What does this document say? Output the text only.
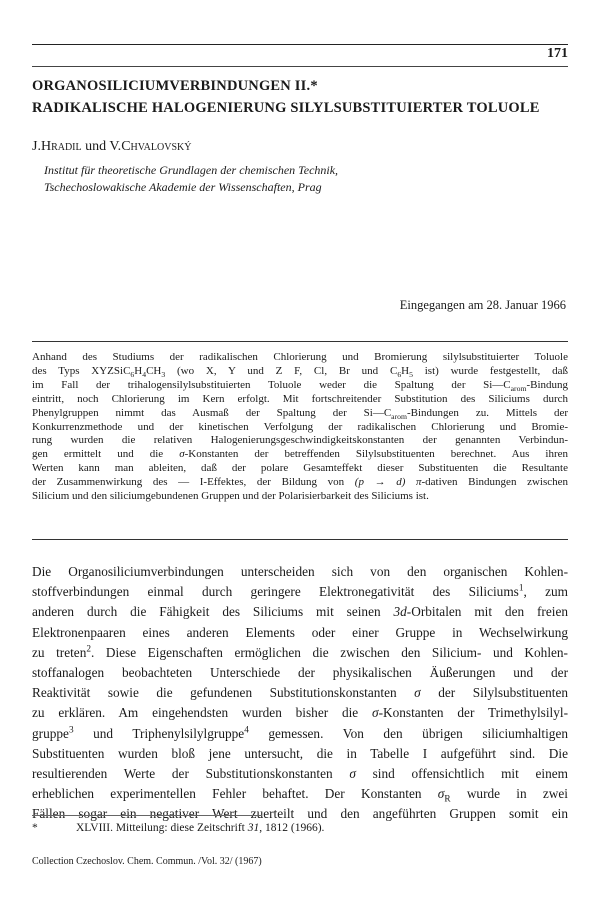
171
ORGANOSILICIUMVERBINDUNGEN II.*
RADIKALISCHE HALOGENIERUNG SILYLSUBSTITUIERTER TOLUOLE
J.Hradil und V.Chvalovský
Institut für theoretische Grundlagen der chemischen Technik,
Tschechoslowakische Akademie der Wissenschaften, Prag
Eingegangen am 28. Januar 1966
Anhand des Studiums der radikalischen Chlorierung und Bromierung silylsubstituierter Toluole
des Typs $XYZSiC_6H_4CH_3$ (wo X, Y und Z F, Cl, Br und $C_6H_5$ ist) wurde festgestellt, daß
im Fall der trihalogensilylsubstituierten Toluole weder die Spaltung der $Si—C_{arom}$-Bindung
eintritt, noch Chlorierung im Kern erfolgt. Mit fortschreitender Substitution des Siliciums durch
Phenylgruppen nimmt das Ausmaß der Spaltung der $Si—C_{arom}$-Bindungen zu. Mittels der
Konkurrenzmethode und der kinetischen Verfolgung der radikalischen Chlorierung und Bromie-
rung wurden die relativen Halogenierungsgeschwindigkeitskonstanten der genannten Verbindun-
gen ermittelt und die σ-Konstanten der betreffenden Silylsubstituenten berechnet. Aus ihren
Werten kann man ableiten, daß der polare Gesamteffekt dieser Substituenten die Resultante
der Zusammenwirkung des — I-Effektes, der Bildung von (p → d) π-dativen Bindungen zwischen
Silicium und den siliciumgebundenen Gruppen und der Polarisierbarkeit des Siliciums ist.
Die Organosiliciumverbindungen unterscheiden sich von den organischen Kohlen-
stoffverbindungen einmal durch geringere Elektronegativität des Siliciums$^1$, zum
anderen durch die Fähigkeit des Siliciums mit seinen 3d-Orbitalen mit den freien
Elektronenpaaren eines anderen Elements oder einer Gruppe in Wechselwirkung
zu treten$^2$. Diese Eigenschaften ermöglichen die zwischen den Silicium- und Kohlen-
stoffanalogen beobachteten Unterschiede der physikalischen Äußerungen und der
Reaktivität sowie die gefundenen Substitutionskonstanten σ der Silylsubstituenten
zu erklären. Am eingehendsten wurden bisher die σ-Konstanten der Trimethylsilyl-
gruppe$^3$ und Triphenylsilylgruppe$^4$ gemessen. Von den übrigen siliciumhaltigen
Substituenten wurden bloß jene untersucht, die in Tabelle I aufgeführt sind. Die
resultierenden Werte der Substitutionskonstanten σ sind offensichtlich mit einem
erheblichen experimentellen Fehler behaftet. Der Konstanten $\sigma_R$ wurde in zwei
Fällen sogar ein negativer Wert zuerteilt und den angeführten Gruppen somit ein
*	XLVIII. Mitteilung: diese Zeitschrift 31, 1812 (1966).
Collection Czechoslov. Chem. Commun. /Vol. 32/ (1967)
